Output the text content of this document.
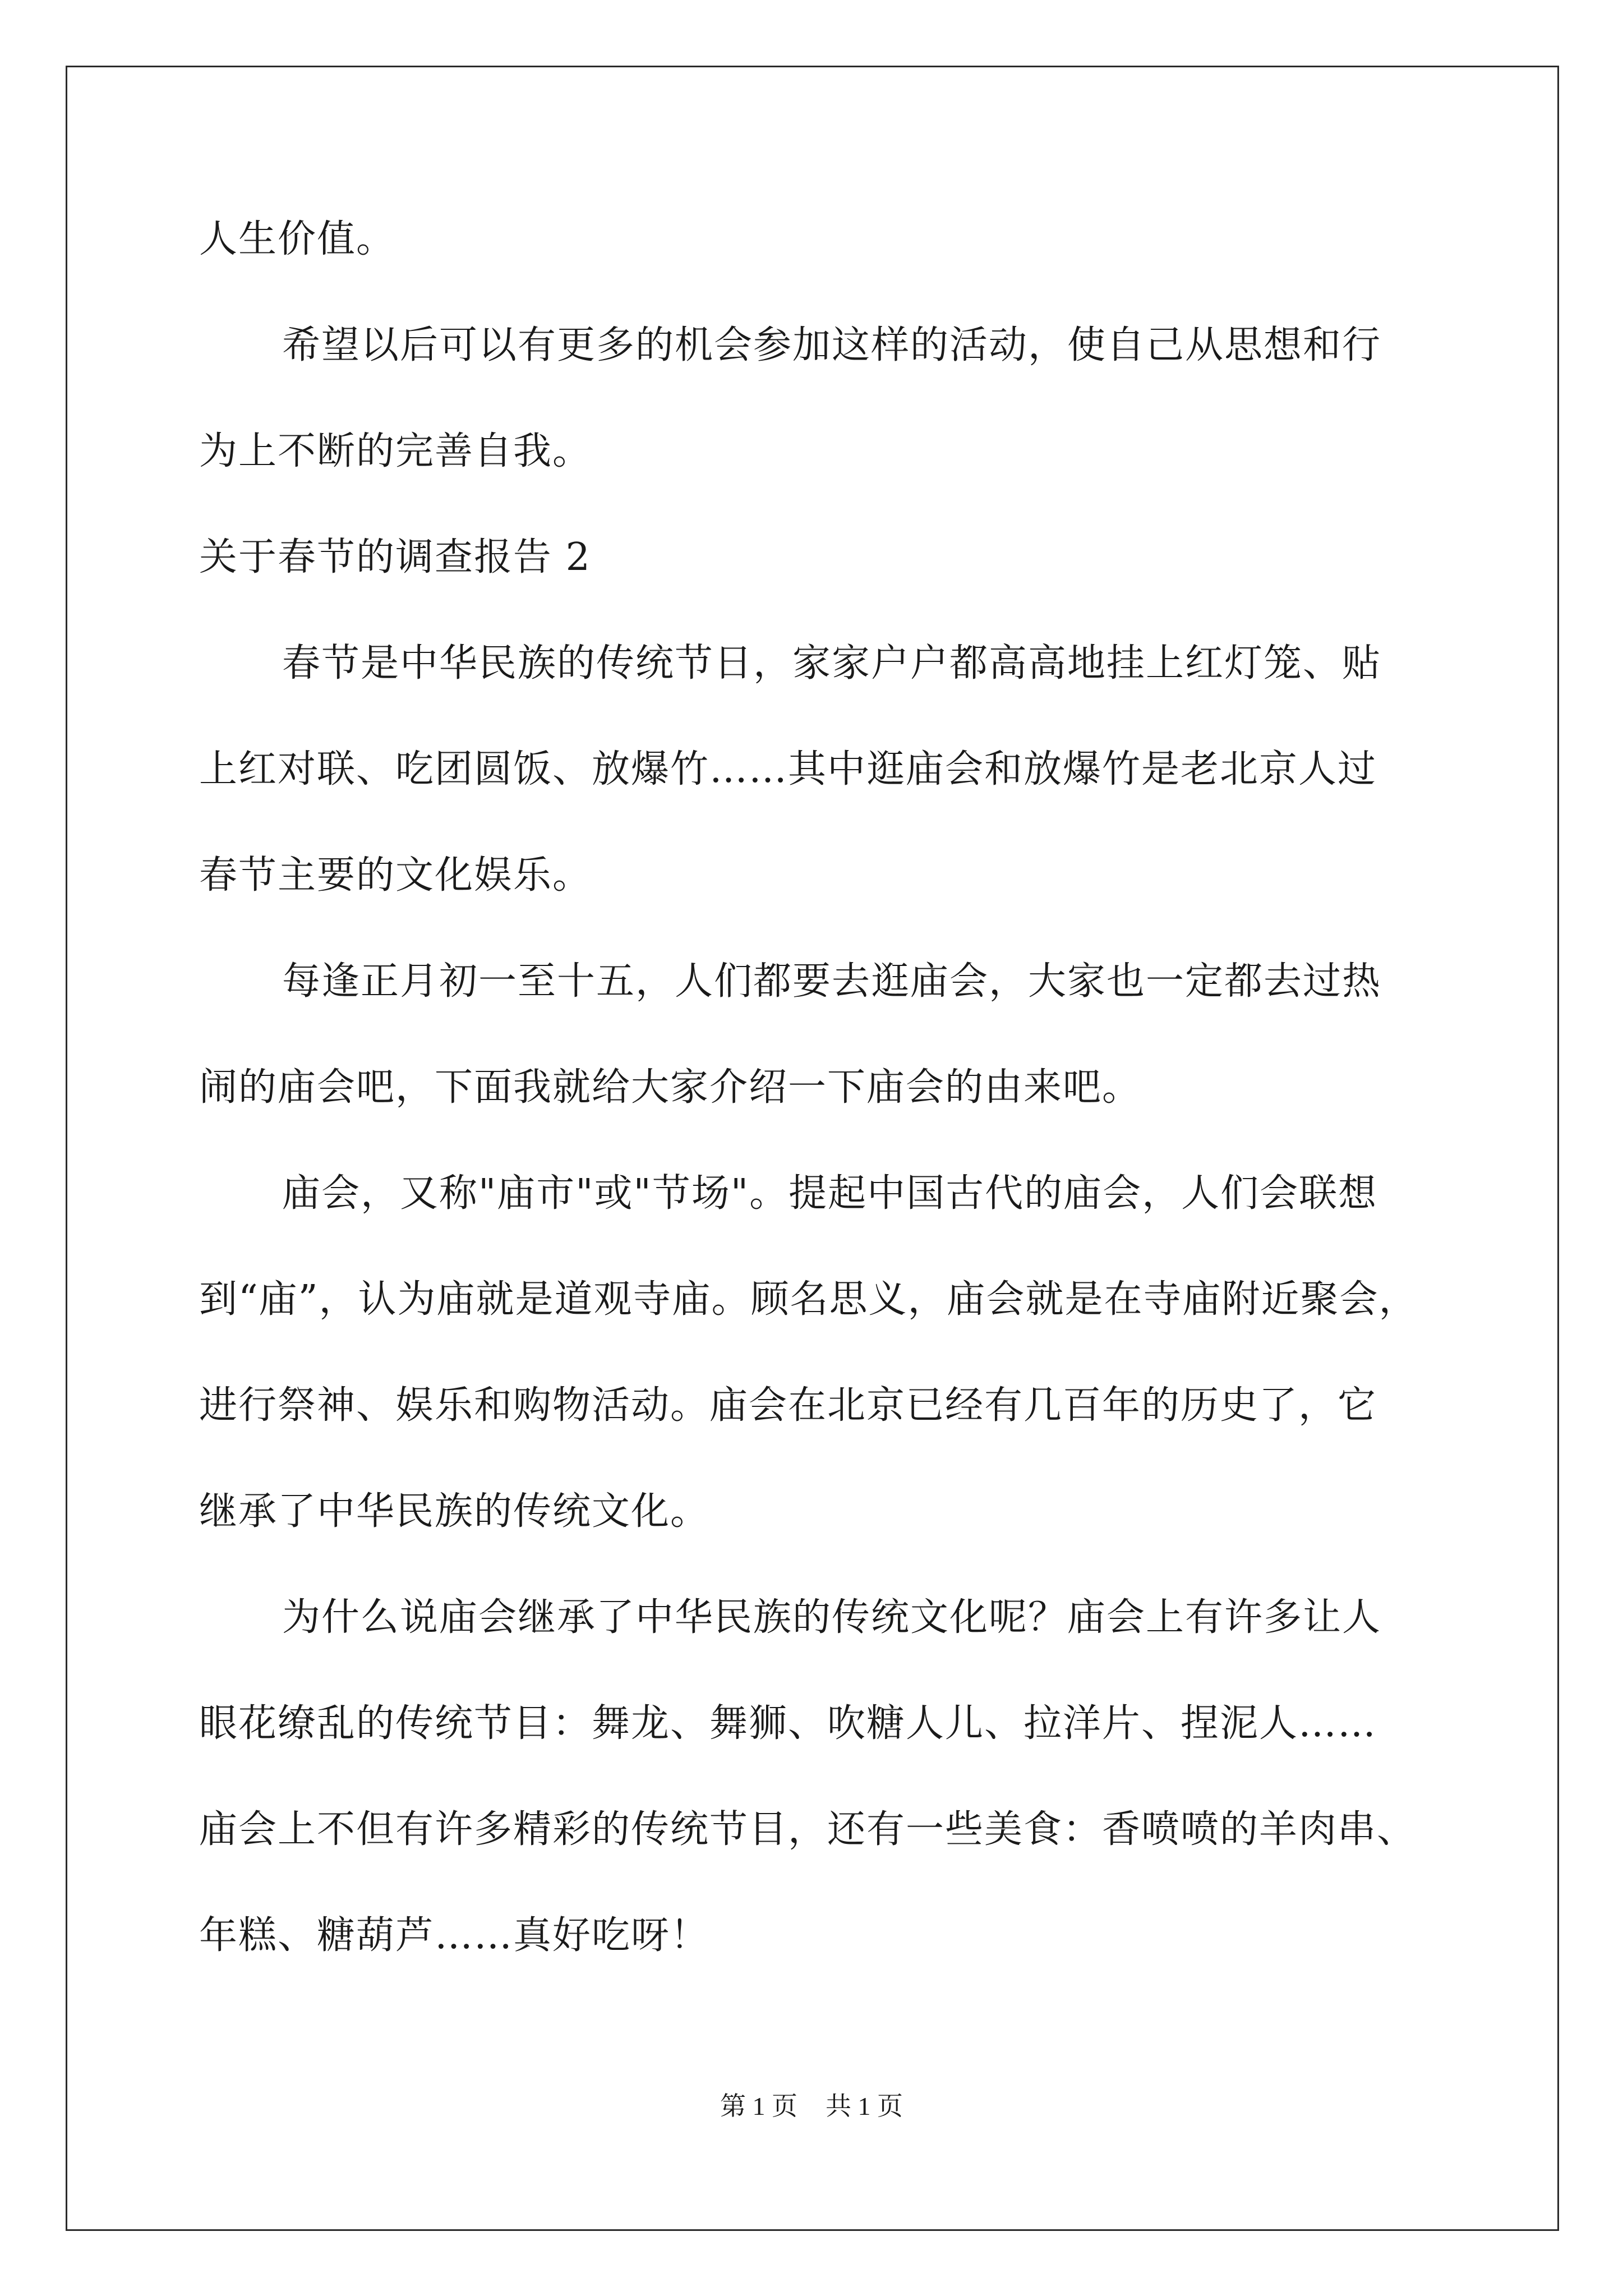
人生价值。

希望以后可以有更多的机会参加这样的活动，使自己从思想和行

为上不断的完善自我。

关于春节的调查报告 2

春节是中华民族的传统节日，家家户户都高高地挂上红灯笼、贴

上红对联、吃团圆饭、放爆竹……其中逛庙会和放爆竹是老北京人过

春节主要的文化娱乐。

每逢正月初一至十五，人们都要去逛庙会，大家也一定都去过热

闹的庙会吧，下面我就给大家介绍一下庙会的由来吧。

庙会，又称"庙市"或"节场"。提起中国古代的庙会，人们会联想

到“庙”，认为庙就是道观寺庙。顾名思义，庙会就是在寺庙附近聚会，

进行祭神、娱乐和购物活动。庙会在北京已经有几百年的历史了，它

继承了中华民族的传统文化。

为什么说庙会继承了中华民族的传统文化呢？庙会上有许多让人

眼花缭乱的传统节目：舞龙、舞狮、吹糖人儿、拉洋片、捏泥人……

庙会上不但有许多精彩的传统节目，还有一些美食：香喷喷的羊肉串、

年糕、糖葫芦……真好吃呀！

第 1 页 共 1 页
